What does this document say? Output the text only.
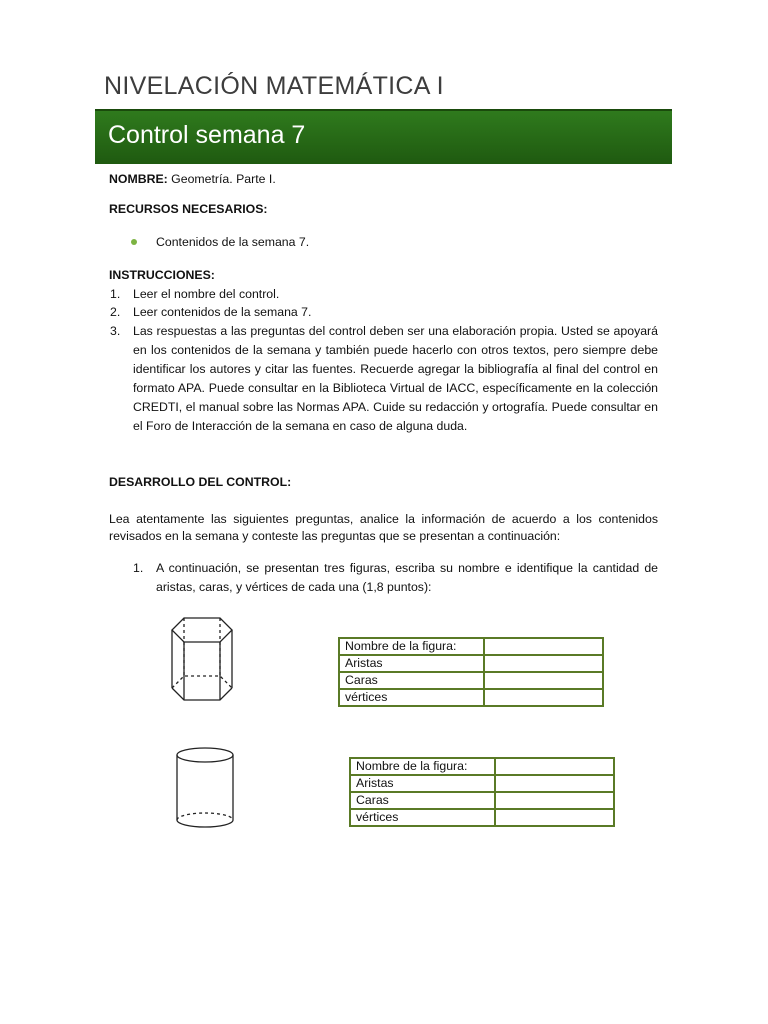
NIVELACIÓN MATEMÁTICA I
Control semana 7
NOMBRE: Geometría. Parte I.
RECURSOS NECESARIOS:
Contenidos de la semana 7.
INSTRUCCIONES:
1. Leer el nombre del control.
2. Leer contenidos de la semana 7.
3. Las respuestas a las preguntas del control deben ser una elaboración propia. Usted se apoyará en los contenidos de la semana y también puede hacerlo con otros textos, pero siempre debe identificar los autores y citar las fuentes. Recuerde agregar la bibliografía al final del control en formato APA. Puede consultar en la Biblioteca Virtual de IACC, específicamente en la colección CREDTI, el manual sobre las Normas APA. Cuide su redacción y ortografía. Puede consultar en el Foro de Interacción de la semana en caso de alguna duda.
DESARROLLO DEL CONTROL:
Lea atentamente las siguientes preguntas, analice la información de acuerdo a los contenidos revisados en la semana y conteste las preguntas que se presentan a continuación:
1. A continuación, se presentan tres figuras, escriba su nombre e identifique la cantidad de aristas, caras, y vértices de cada una (1,8 puntos):
Nombre de la figura:	
Aristas	
Caras	
vértices	
Nombre de la figura:	
Aristas	
Caras	
vértices	
